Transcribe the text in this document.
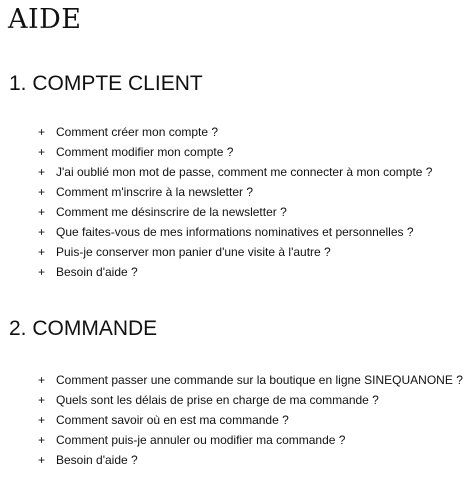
AIDE
1. COMPTE CLIENT
+ Comment créer mon compte ?
+ Comment modifier mon compte ?
+ J'ai oublié mon mot de passe, comment me connecter à mon compte ?
+ Comment m'inscrire à la newsletter ?
+ Comment me désinscrire de la newsletter ?
+ Que faites-vous de mes informations nominatives et personnelles ?
+ Puis-je conserver mon panier d'une visite à l'autre ?
+ Besoin d'aide ?
2. COMMANDE
+ Comment passer une commande sur la boutique en ligne SINEQUANONE ?
+ Quels sont les délais de prise en charge de ma commande ?
+ Comment savoir où en est ma commande ?
+ Comment puis-je annuler ou modifier ma commande ?
+ Besoin d'aide ?
